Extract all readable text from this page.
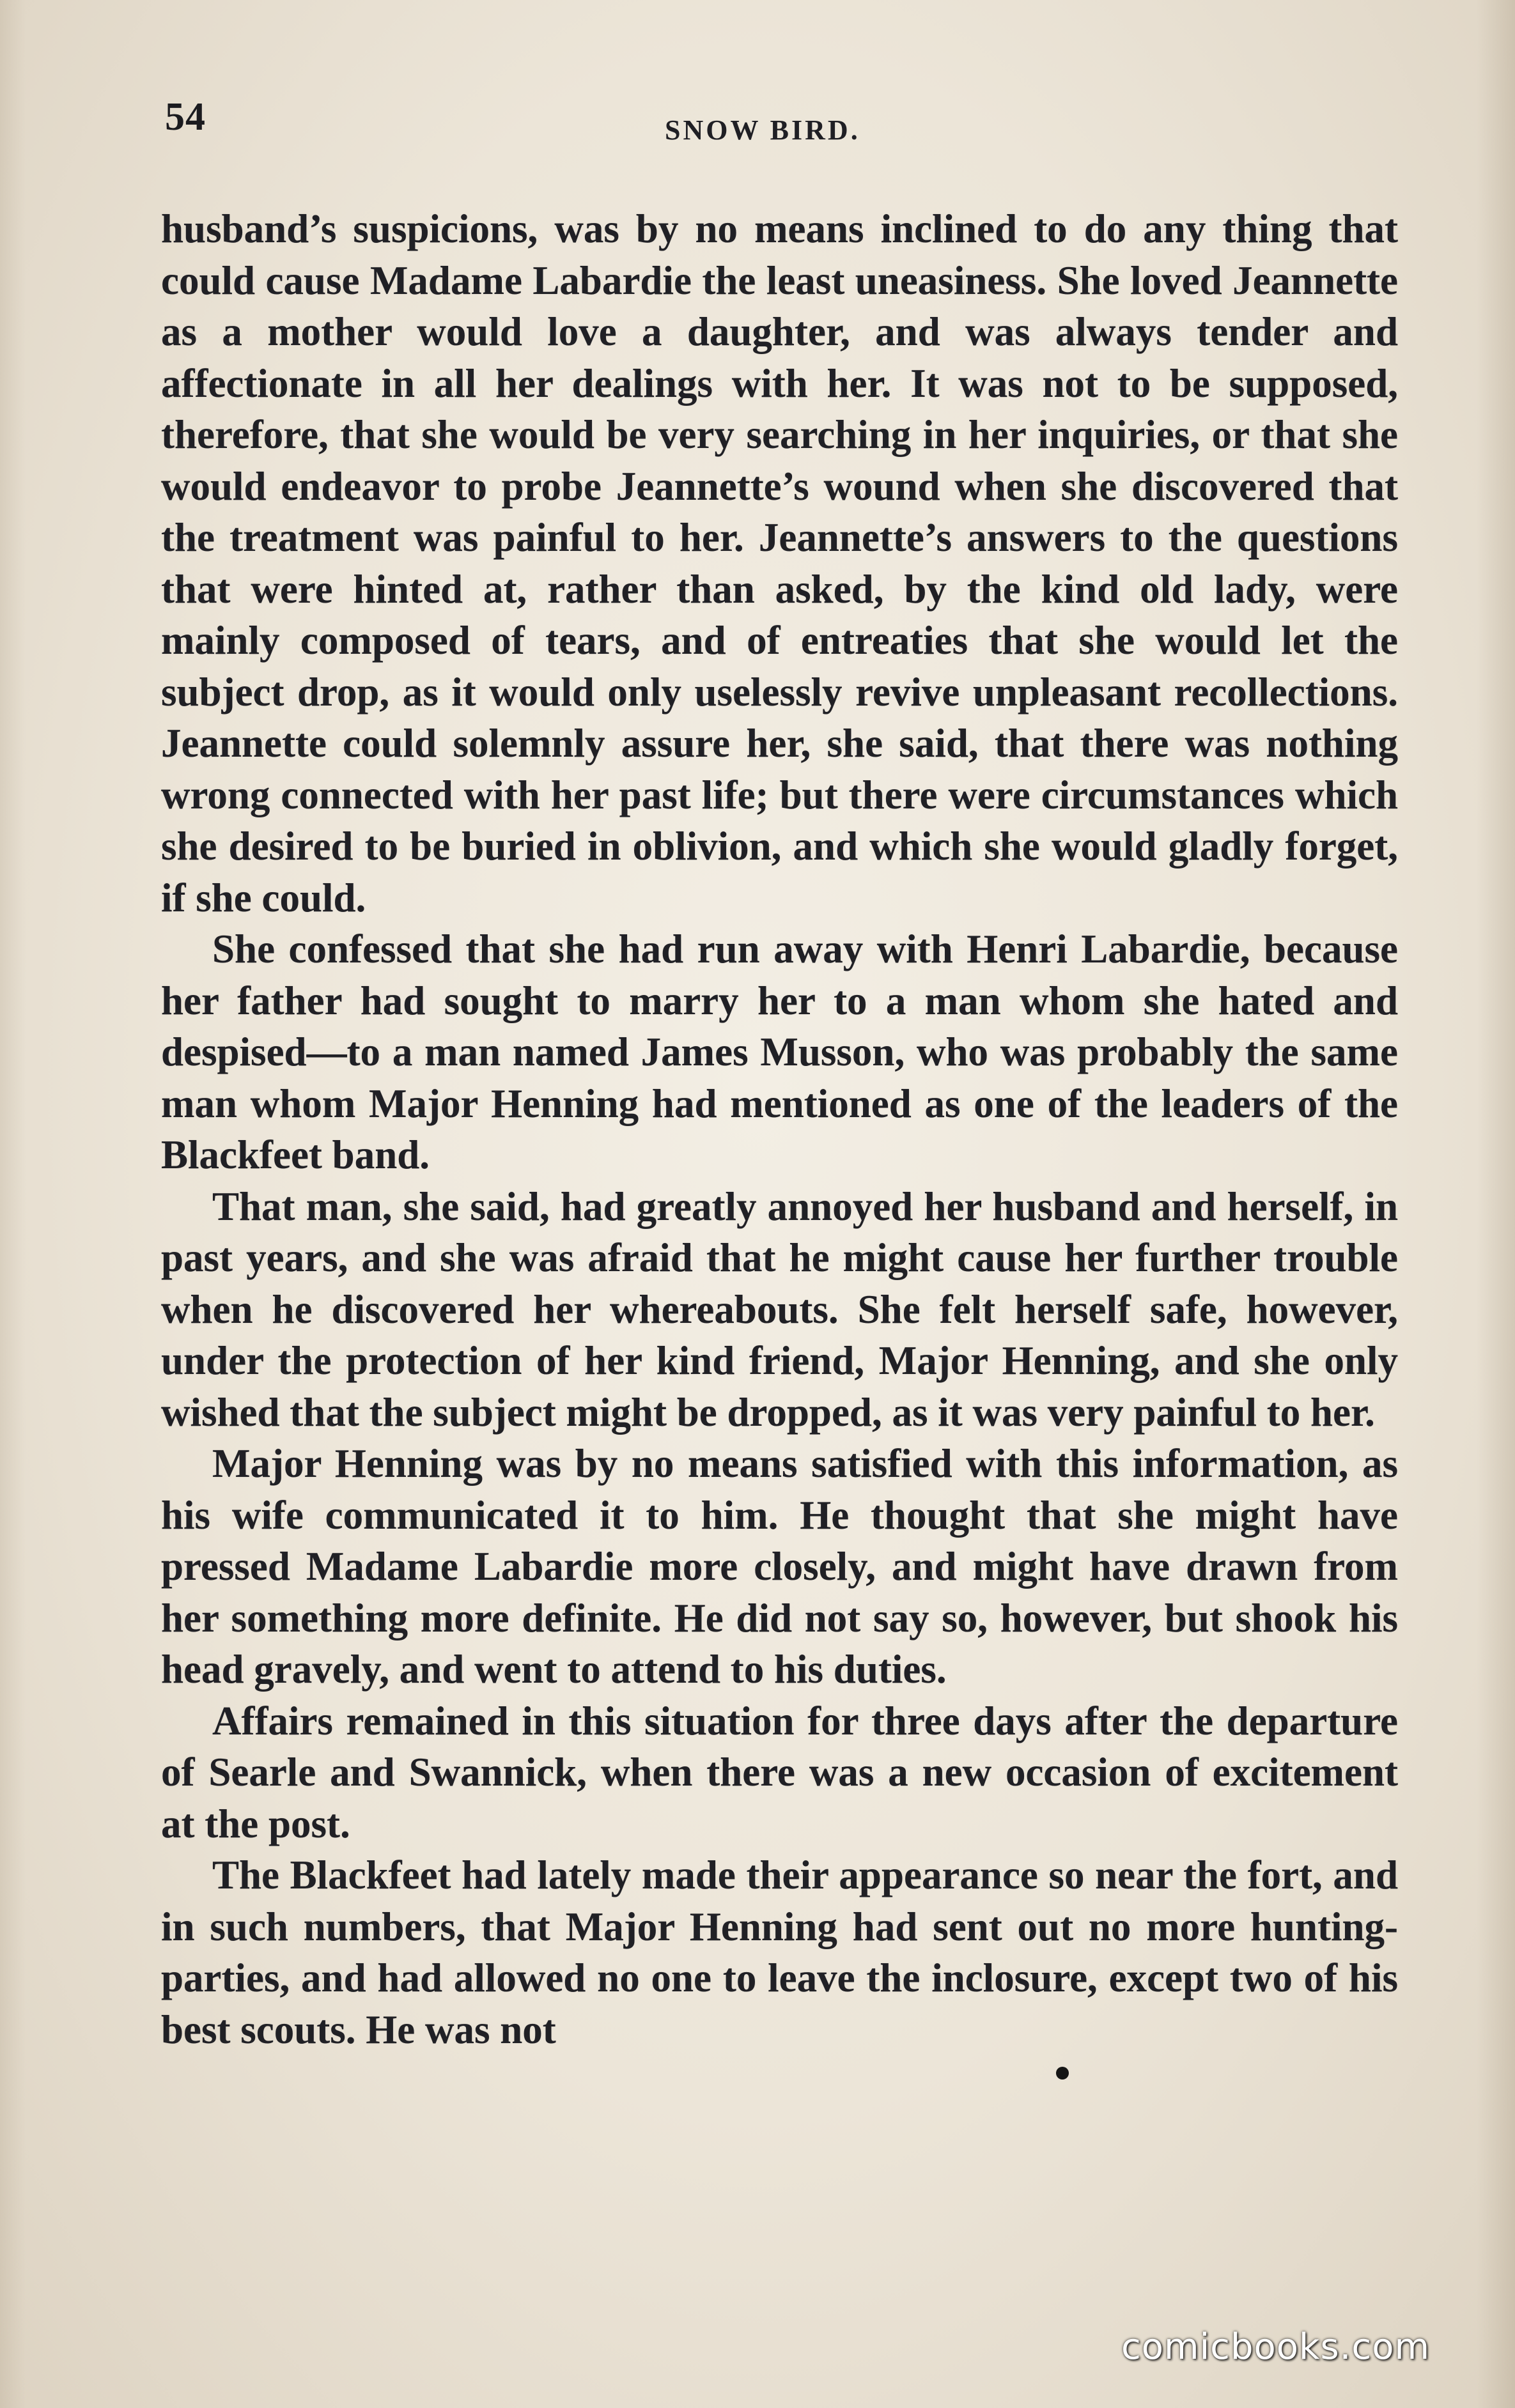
54	SNOW BIRD.

husband’s suspicions, was by no means inclined to do any thing that could cause Madame Labardie the least uneasiness. She loved Jeannette as a mother would love a daughter, and was always tender and affectionate in all her dealings with her. It was not to be supposed, therefore, that she would be very searching in her inquiries, or that she would endeavor to probe Jeannette’s wound when she discovered that the treatment was painful to her. Jeannette’s answers to the questions that were hinted at, rather than asked, by the kind old lady, were mainly composed of tears, and of entreaties that she would let the subject drop, as it would only uselessly revive unpleasant recollections. Jeannette could solemnly assure her, she said, that there was nothing wrong connected with her past life; but there were circumstances which she desired to be buried in oblivion, and which she would gladly forget, if she could.

She confessed that she had run away with Henri Labardie, because her father had sought to marry her to a man whom she hated and despised—to a man named James Musson, who was probably the same man whom Major Henning had mentioned as one of the leaders of the Blackfeet band.

That man, she said, had greatly annoyed her husband and herself, in past years, and she was afraid that he might cause her further trouble when he discovered her whereabouts. She felt herself safe, however, under the protection of her kind friend, Major Henning, and she only wished that the subject might be dropped, as it was very painful to her.

Major Henning was by no means satisfied with this information, as his wife communicated it to him. He thought that she might have pressed Madame Labardie more closely, and might have drawn from her something more definite. He did not say so, however, but shook his head gravely, and went to attend to his duties.

Affairs remained in this situation for three days after the departure of Searle and Swannick, when there was a new occasion of excitement at the post.

The Blackfeet had lately made their appearance so near the fort, and in such numbers, that Major Henning had sent out no more hunting-parties, and had allowed no one to leave the inclosure, except two of his best scouts. He was not

comicbooks.com
